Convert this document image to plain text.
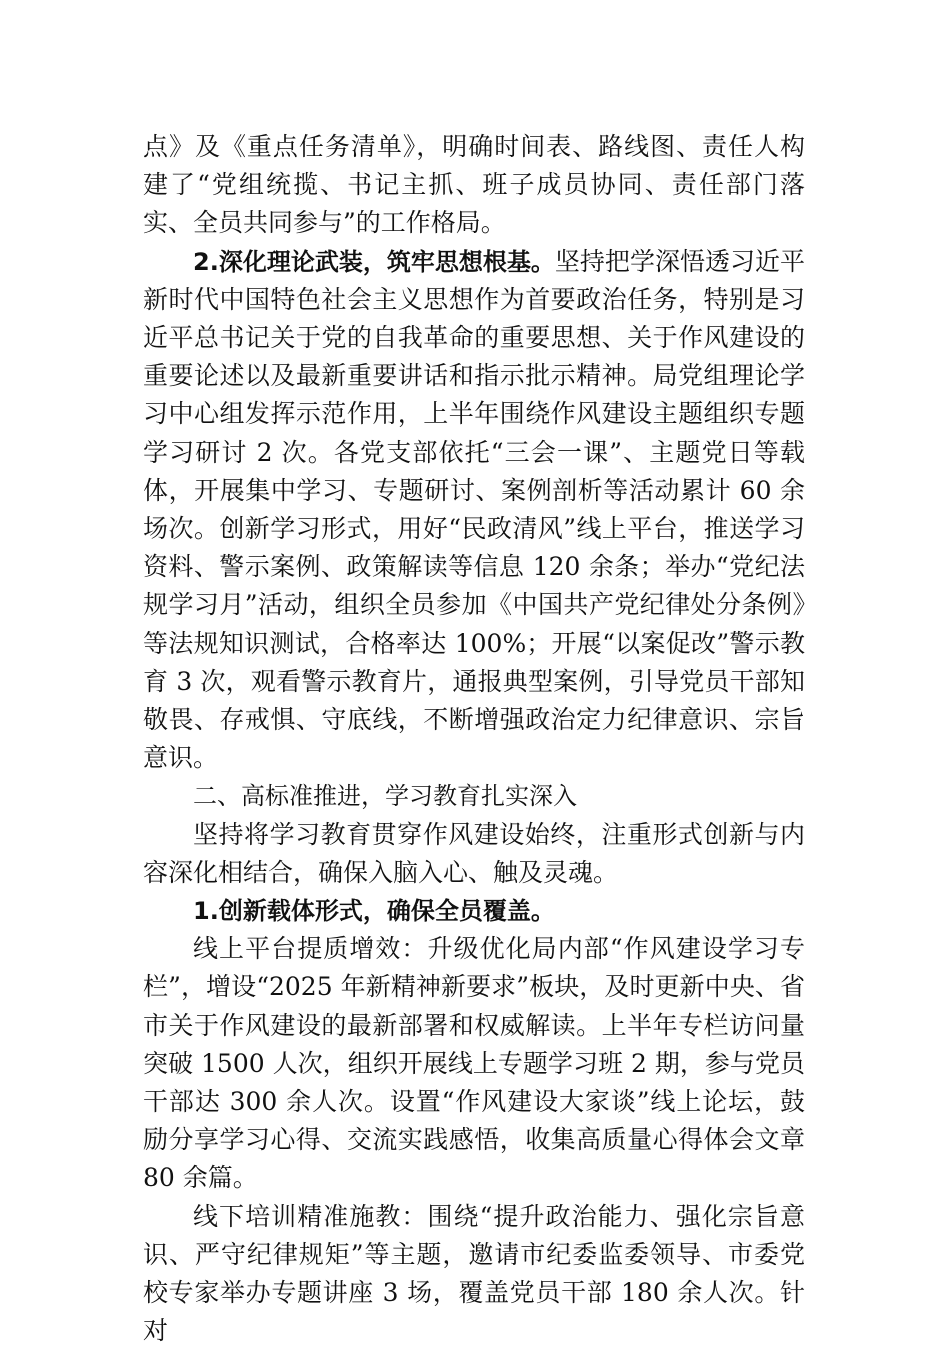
点》及《重点任务清单》，明确时间表、路线图、责任人构建了“党组统揽、书记主抓、班子成员协同、责任部门落实、全员共同参与”的工作格局。

2.深化理论武装，筑牢思想根基。坚持把学深悟透习近平新时代中国特色社会主义思想作为首要政治任务，特别是习近平总书记关于党的自我革命的重要思想、关于作风建设的重要论述以及最新重要讲话和指示批示精神。局党组理论学习中心组发挥示范作用，上半年围绕作风建设主题组织专题学习研讨 2 次。各党支部依托“三会一课”、主题党日等载体，开展集中学习、专题研讨、案例剖析等活动累计 60 余场次。创新学习形式，用好“民政清风”线上平台，推送学习资料、警示案例、政策解读等信息 120 余条；举办“党纪法规学习月”活动，组织全员参加《中国共产党纪律处分条例》等法规知识测试，合格率达 100%；开展“以案促改”警示教育 3 次，观看警示教育片，通报典型案例，引导党员干部知敬畏、存戒惧、守底线，不断增强政治定力纪律意识、宗旨意识。

二、高标准推进，学习教育扎实深入

坚持将学习教育贯穿作风建设始终，注重形式创新与内容深化相结合，确保入脑入心、触及灵魂。

1.创新载体形式，确保全员覆盖。

线上平台提质增效：升级优化局内部“作风建设学习专栏”，增设“2025 年新精神新要求”板块，及时更新中央、省市关于作风建设的最新部署和权威解读。上半年专栏访问量突破 1500 人次，组织开展线上专题学习班 2 期，参与党员干部达 300 余人次。设置“作风建设大家谈”线上论坛，鼓励分享学习心得、交流实践感悟，收集高质量心得体会文章 80 余篇。

线下培训精准施教：围绕“提升政治能力、强化宗旨意识、严守纪律规矩”等主题，邀请市纪委监委领导、市委党校专家举办专题讲座 3 场，覆盖党员干部 180 余人次。针对
